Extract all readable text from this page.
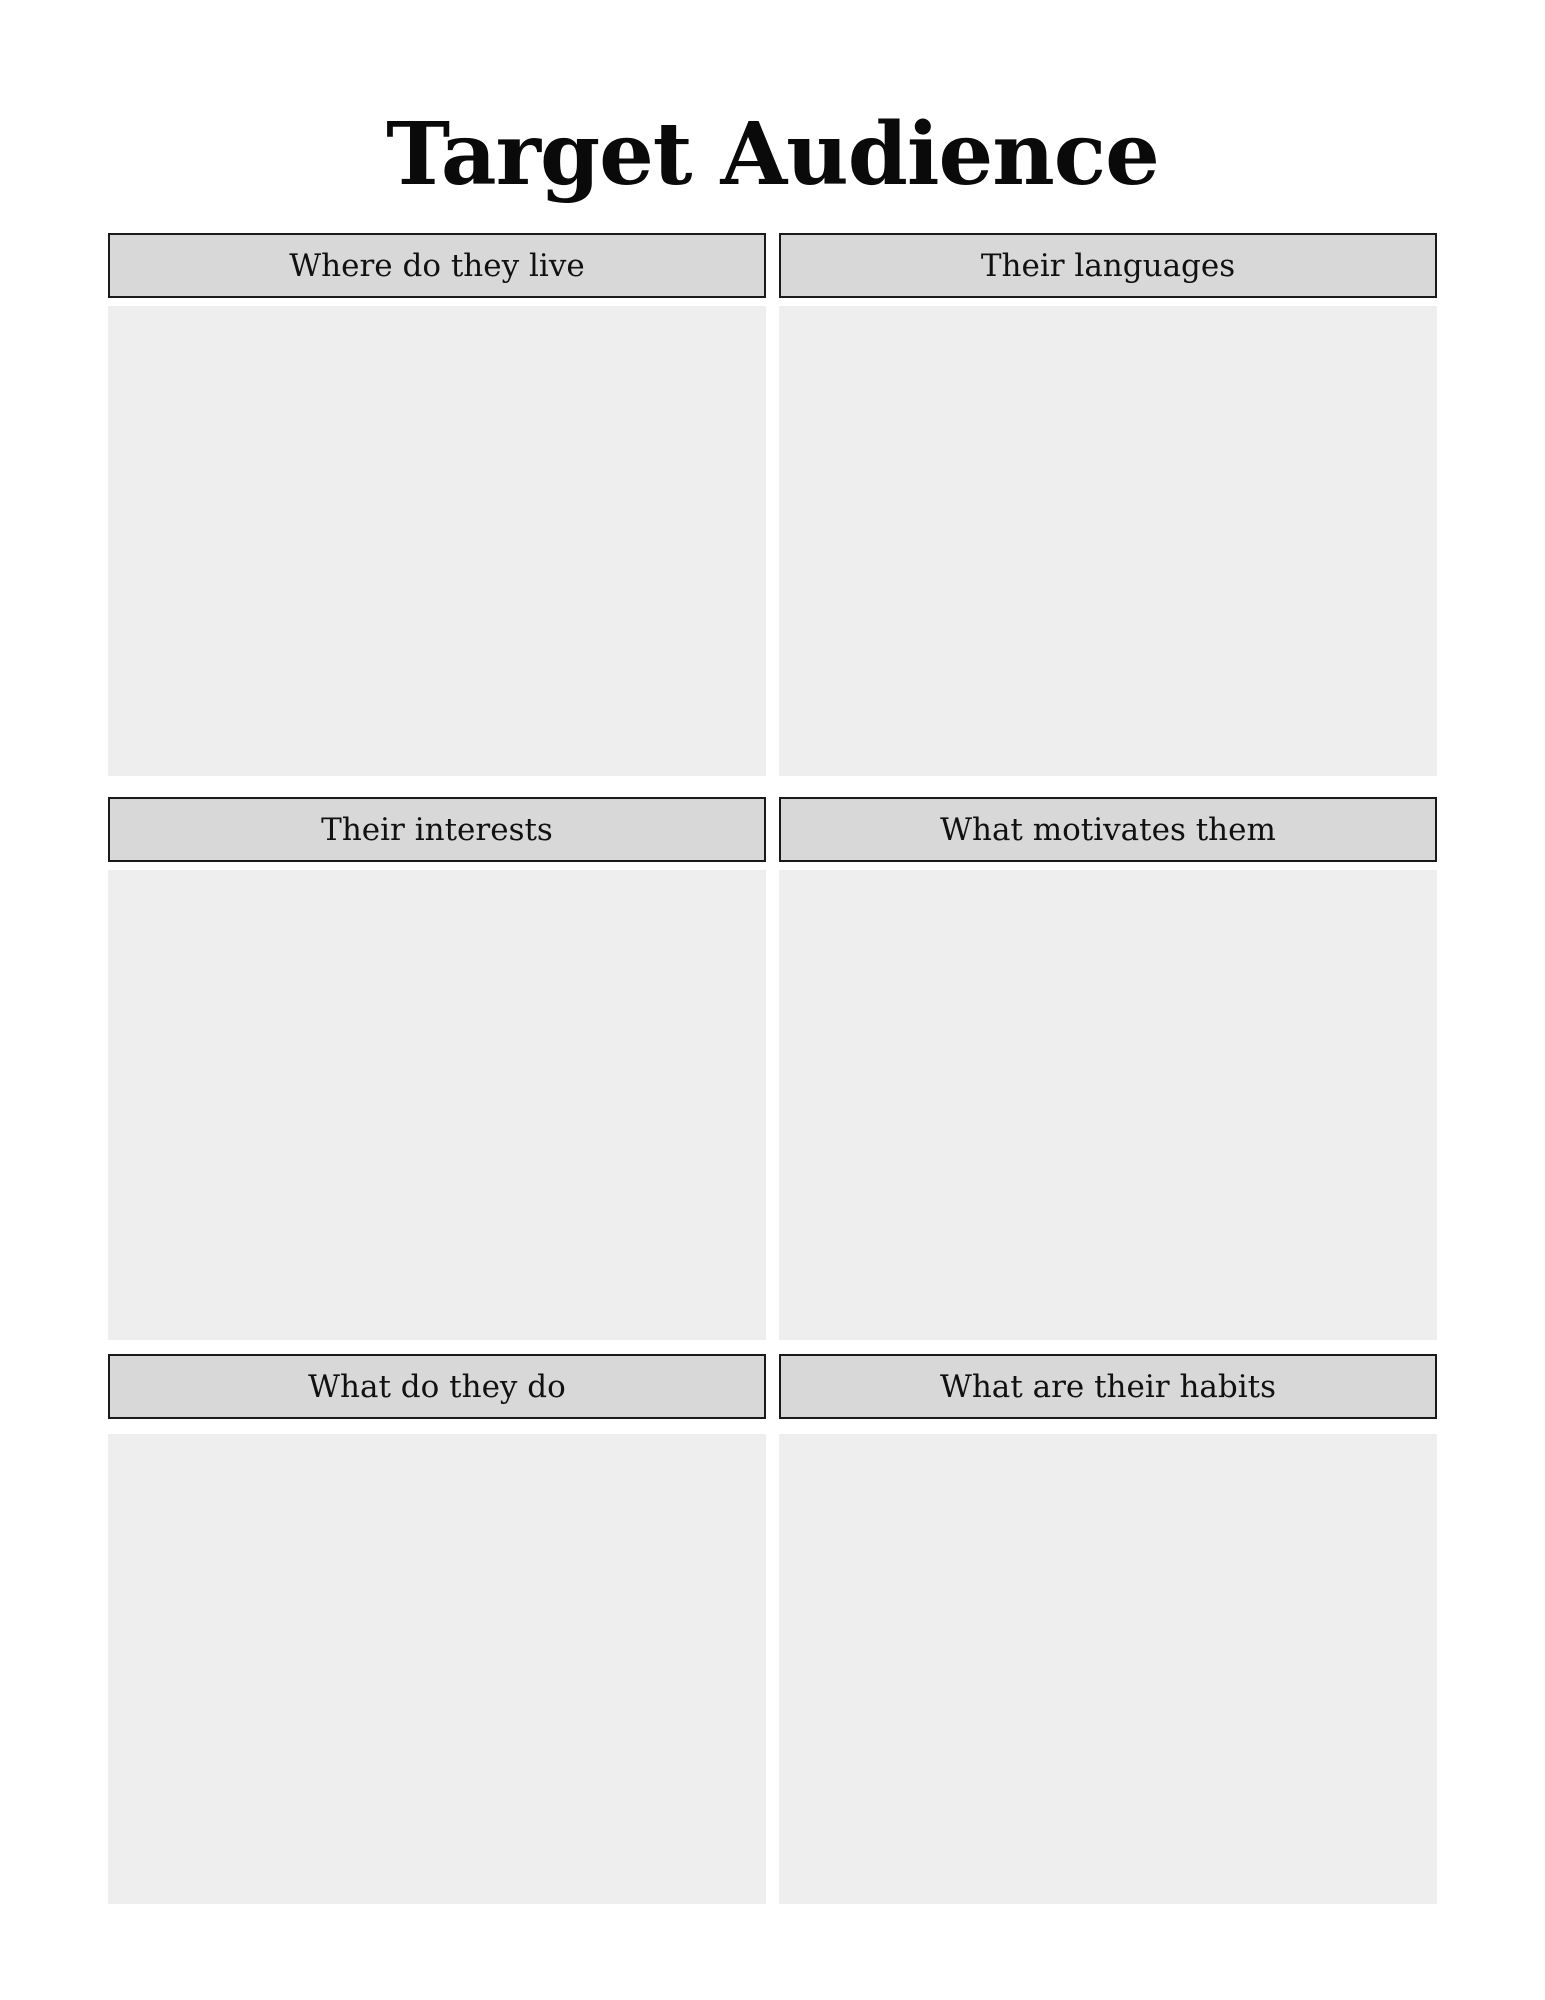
Target Audience
Where do they live	Their languages
Their interests	What motivates them
What do they do	What are their habits
